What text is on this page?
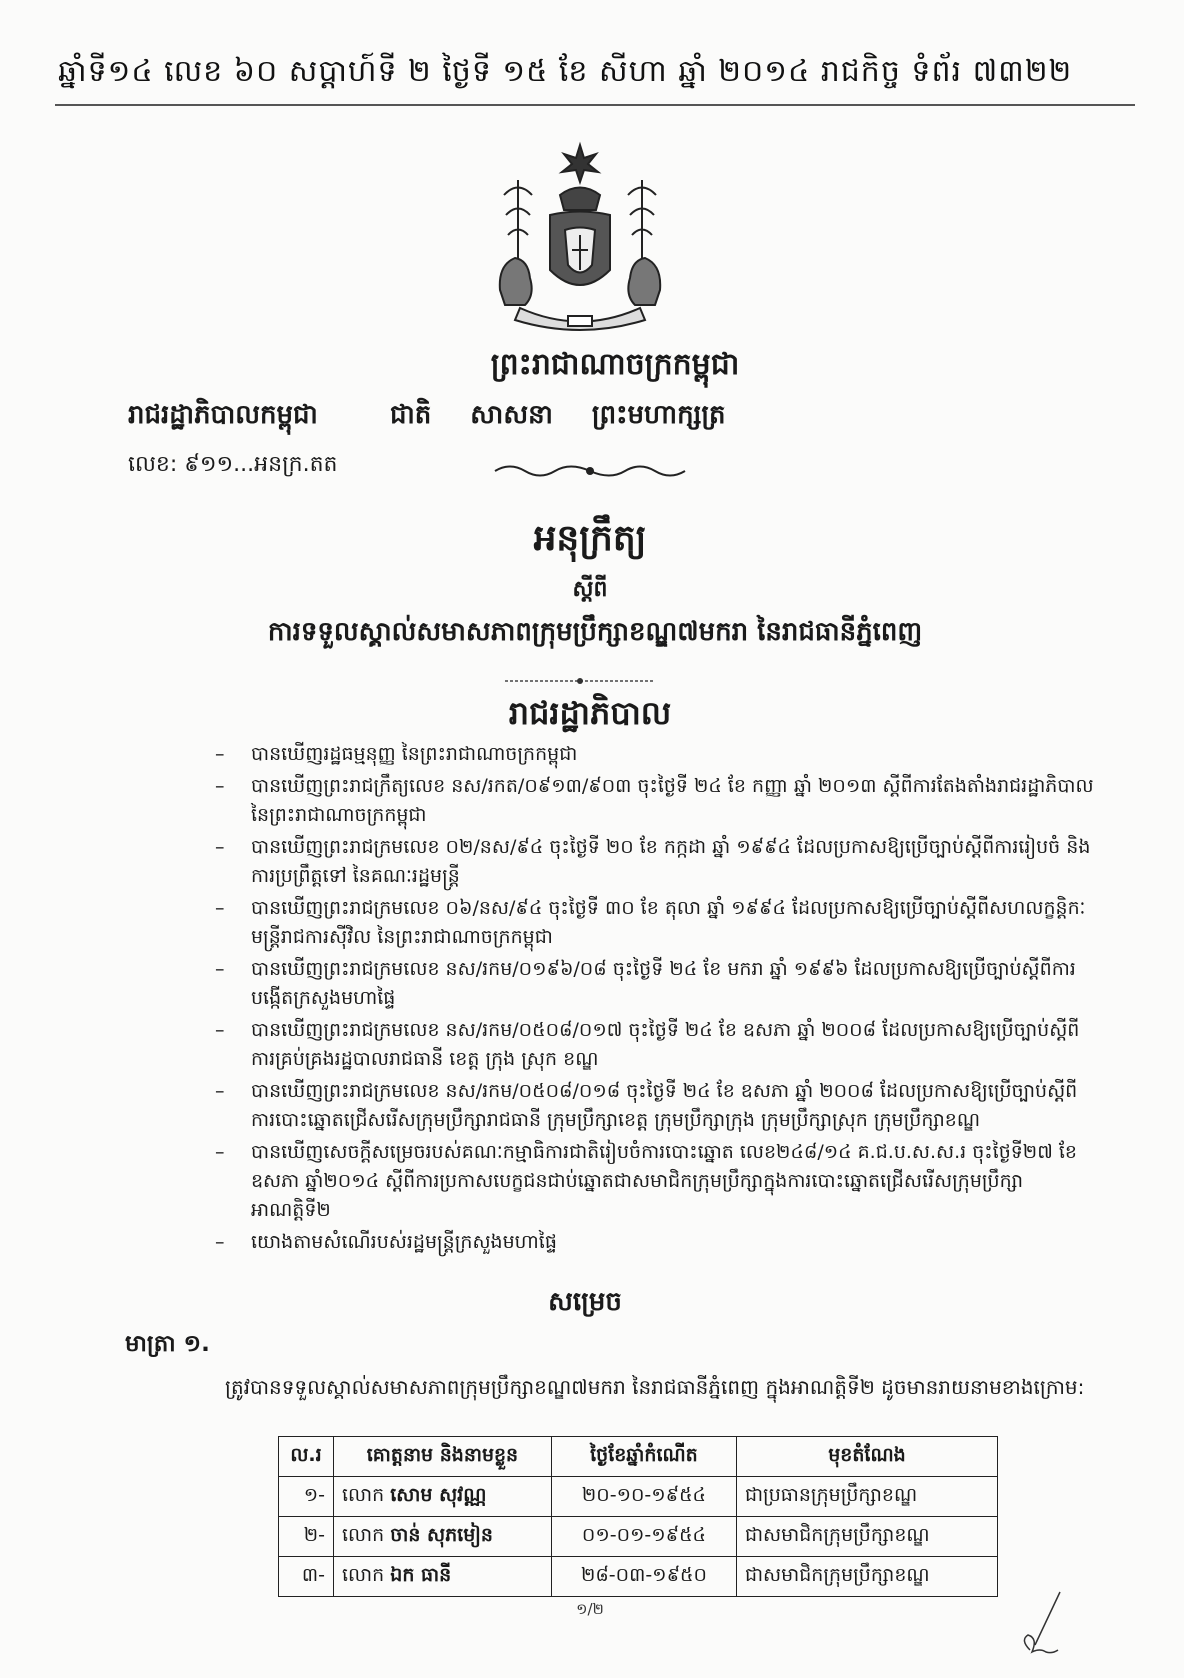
ឆ្នាំទី១៤ លេខ ៦០ សប្តាហ៍ទី ២ ថ្ងៃទី ១៥ ខែ សីហា ឆ្នាំ ២០១៤ រាជកិច្ច ទំព័រ ៧៣២២
ព្រះរាជាណាចក្រកម្ពុជា
រាជរដ្ឋាភិបាលកម្ពុជា	ជាតិ សាសនា ព្រះមហាក្សត្រ
លេខ: ៩១១...អនក្រ.តត
អនុក្រឹត្យ
ស្តីពី
ការទទួលស្គាល់សមាសភាពក្រុមប្រឹក្សាខណ្ឌ៧មករា នៃរាជធានីភ្នំពេញ
រាជរដ្ឋាភិបាល
– បានឃើញរដ្ឋធម្មនុញ្ញ នៃព្រះរាជាណាចក្រកម្ពុជា
– បានឃើញព្រះរាជក្រឹត្យលេខ នស/រកត/០៩១៣/៩០៣ ចុះថ្ងៃទី ២៤ ខែ កញ្ញា ឆ្នាំ ២០១៣ ស្តីពីការតែងតាំងរាជរដ្ឋាភិបាល នៃព្រះរាជាណាចក្រកម្ពុជា
– បានឃើញព្រះរាជក្រមលេខ ០២/នស/៩៤ ចុះថ្ងៃទី ២០ ខែ កក្កដា ឆ្នាំ ១៩៩៤ ដែលប្រកាសឱ្យប្រើច្បាប់ស្តីពីការរៀបចំ និងការប្រព្រឹត្តទៅ នៃគណៈរដ្ឋមន្ត្រី
– បានឃើញព្រះរាជក្រមលេខ ០៦/នស/៩៤ ចុះថ្ងៃទី ៣០ ខែ តុលា ឆ្នាំ ១៩៩៤ ដែលប្រកាសឱ្យប្រើច្បាប់ស្តីពីសហលក្ខន្តិកៈមន្ត្រីរាជការស៊ីវិល នៃព្រះរាជាណាចក្រកម្ពុជា
– បានឃើញព្រះរាជក្រមលេខ នស/រកម/០១៩៦/០៨ ចុះថ្ងៃទី ២៤ ខែ មករា ឆ្នាំ ១៩៩៦ ដែលប្រកាសឱ្យប្រើច្បាប់ស្តីពីការបង្កើតក្រសួងមហាផ្ទៃ
– បានឃើញព្រះរាជក្រមលេខ នស/រកម/០៥០៨/០១៧ ចុះថ្ងៃទី ២៤ ខែ ឧសភា ឆ្នាំ ២០០៨ ដែលប្រកាសឱ្យប្រើច្បាប់ស្តីពីការគ្រប់គ្រងរដ្ឋបាលរាជធានី ខេត្ត ក្រុង ស្រុក ខណ្ឌ
– បានឃើញព្រះរាជក្រមលេខ នស/រកម/០៥០៨/០១៨ ចុះថ្ងៃទី ២៤ ខែ ឧសភា ឆ្នាំ ២០០៨ ដែលប្រកាសឱ្យប្រើច្បាប់ស្តីពីការបោះឆ្នោតជ្រើសរើសក្រុមប្រឹក្សារាជធានី ក្រុមប្រឹក្សាខេត្ត ក្រុមប្រឹក្សាក្រុង ក្រុមប្រឹក្សាស្រុក ក្រុមប្រឹក្សាខណ្ឌ
– បានឃើញសេចក្តីសម្រេចរបស់គណៈកម្មាធិការជាតិរៀបចំការបោះឆ្នោត លេខ២៤៨/១៤ គ.ជ.ប.ស.ស.រ ចុះថ្ងៃទី២៧ ខែឧសភា ឆ្នាំ២០១៤ ស្តីពីការប្រកាសបេក្ខជនជាប់ឆ្នោតជាសមាជិកក្រុមប្រឹក្សាក្នុងការបោះឆ្នោតជ្រើសរើសក្រុមប្រឹក្សា អាណត្តិទី២
– យោងតាមសំណើរបស់រដ្ឋមន្ត្រីក្រសួងមហាផ្ទៃ
សម្រេច
មាត្រា ១.
ត្រូវបានទទួលស្គាល់សមាសភាពក្រុមប្រឹក្សាខណ្ឌ៧មករា នៃរាជធានីភ្នំពេញ ក្នុងអាណត្តិទី២ ដូចមានរាយនាមខាងក្រោម:
ល.រ	គោត្តនាម និងនាមខ្លួន	ថ្ងៃខែឆ្នាំកំណើត	មុខតំណែង
១-	លោក សោម សុវណ្ណ	២០-១០-១៩៥៤	ជាប្រធានក្រុមប្រឹក្សាខណ្ឌ
២-	លោក ចាន់ សុភមៀន	០១-០១-១៩៥៤	ជាសមាជិកក្រុមប្រឹក្សាខណ្ឌ
៣-	លោក ឯក ធានី	២៨-០៣-១៩៥០	ជាសមាជិកក្រុមប្រឹក្សាខណ្ឌ
១/២
